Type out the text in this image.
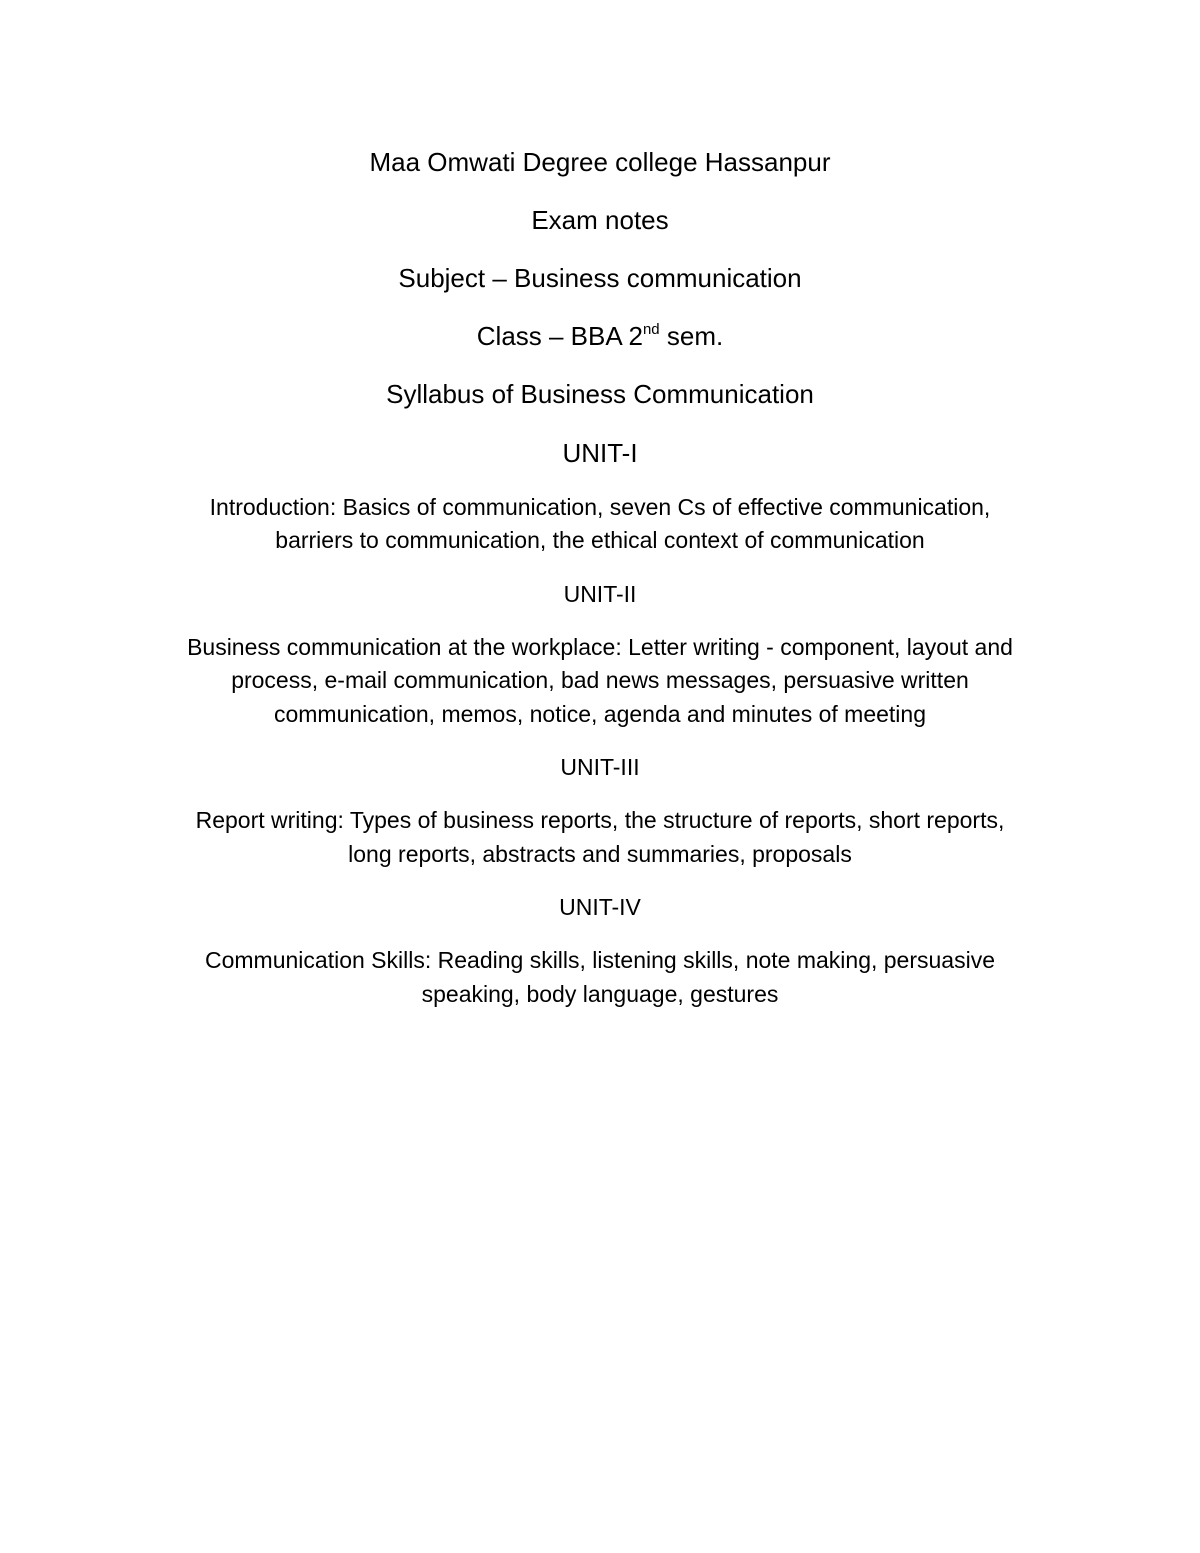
Maa Omwati Degree college Hassanpur

Exam notes

Subject – Business communication

Class – BBA 2nd sem.

Syllabus of Business Communication

UNIT-I

Introduction: Basics of communication, seven Cs of effective communication,

barriers to communication, the ethical context of communication

UNIT-II

Business communication at the workplace: Letter writing - component, layout and

process, e-mail communication, bad news messages, persuasive written

communication, memos, notice, agenda and minutes of meeting

UNIT-III

Report writing: Types of business reports, the structure of reports, short reports,

long reports, abstracts and summaries, proposals

UNIT-IV

Communication Skills: Reading skills, listening skills, note making, persuasive

speaking, body language, gestures
